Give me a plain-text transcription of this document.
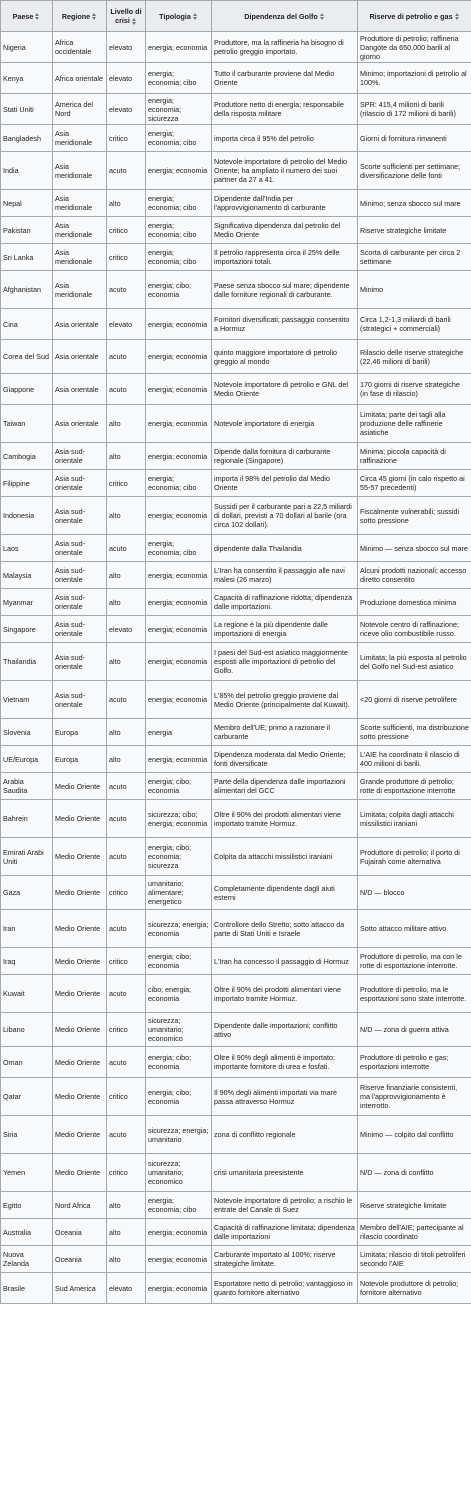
Paese	Regione	Livello di crisi	Tipologia	Dipendenza del Golfo	Riserve di petrolio e gas
Nigeria	Africa occidentale	elevato	energia; economia	Produttore, ma la raffineria ha bisogno di petrolio greggio importato.	Produttore di petrolio; raffineria Dangote da 650.000 barili al giorno
Kenya	Africa orientale	elevato	energia; economia; cibo	Tutto il carburante proviene dal Medio Oriente	Minimo; importazioni di petrolio al 100%.
Stati Uniti	America del Nord	elevato	energia; economia; sicurezza	Produttore netto di energia; responsabile della risposta militare	SPR: 415,4 milioni di barili (rilascio di 172 milioni di barili)
Bangladesh	Asia meridionale	critico	energia; economia; cibo	importa circa il 95% del petrolio	Giorni di fornitura rimanenti
India	Asia meridionale	acuto	energia; economia	Notevole importatore di petrolio del Medio Oriente; ha ampliato il numero dei suoi partner da 27 a 41.	Scorte sufficienti per settimane; diversificazione delle fonti
Nepal	Asia meridionale	alto	energia; economia; cibo	Dipendente dall'India per l'approvvigionamento di carburante	Minimo; senza sbocco sul mare
Pakistan	Asia meridionale	critico	energia; economia; cibo	Significativa dipendenza dal petrolio del Medio Oriente	Riserve strategiche limitate
Sri Lanka	Asia meridionale	critico	energia; economia; cibo	Il petrolio rappresenta circa il 25% delle importazioni totali.	Scorta di carburante per circa 2 settimane
Afghanistan	Asia meridionale	acuto	energia; cibo; economia	Paese senza sbocco sul mare; dipendente dalle forniture regionali di carburante.	Minimo
Cina	Asia orientale	elevato	energia; economia	Fornitori diversificati; passaggio consentito a Hormuz	Circa 1,2-1,3 miliardi di barili (strategici + commerciali)
Corea del Sud	Asia orientale	acuto	energia; economia	quinto maggiore importatore di petrolio greggio al mondo	Rilascio delle riserve strategiche (22,46 milioni di barili)
Giappone	Asia orientale	acuto	energia; economia	Notevole importatore di petrolio e GNL del Medio Oriente	170 giorni di riserve strategiche (in fase di rilascio)
Taiwan	Asia orientale	alto	energia; economia	Notevole importatore di energia	Limitata; parte dei tagli alla produzione delle raffinerie asiatiche
Cambogia	Asia sud-orientale	alto	energia; economia	Dipende dalla fornitura di carburante regionale (Singapore)	Minima; piccola capacità di raffinazione
Filippine	Asia sud-orientale	critico	energia; economia; cibo	importa il 98% del petrolio dal Medio Oriente	Circa 45 giorni (in calo rispetto ai 55-57 precedenti)
Indonesia	Asia sud-orientale	alto	energia; economia	Sussidi per il carburante pari a 22,5 miliardi di dollari, previsti a 70 dollari al barile (ora circa 102 dollari).	Fiscalmente vulnerabili; sussidi sotto pressione
Laos	Asia sud-orientale	acuto	energia; economia; cibo	dipendente dalla Thailandia	Minimo — senza sbocco sul mare
Malaysia	Asia sud-orientale	alto	energia; economia	L'Iran ha consentito il passaggio alle navi malesi (26 marzo)	Alcuni prodotti nazionali; accesso diretto consentito
Myanmar	Asia sud-orientale	alto	energia; economia	Capacità di raffinazione ridotta; dipendenza dalle importazioni.	Produzione domestica minima
Singapore	Asia sud-orientale	elevato	energia; economia	La regione è la più dipendente dalle importazioni di energia	Notevole centro di raffinazione; riceve olio combustibile russo.
Thailandia	Asia sud-orientale	alto	energia; economia	I paesi del Sud-est asiatico maggiormente esposti alle importazioni di petrolio del Golfo.	Limitata; la più esposta al petrolio del Golfo nel Sud-est asiatico
Vietnam	Asia sud-orientale	acuto	energia; economia	L'85% del petrolio greggio proviene dal Medio Oriente (principalmente dal Kuwait).	<20 giorni di riserve petrolifere
Slovenia	Europa	alto	energia	Membro dell'UE; primo a razionare il carburante	Scorte sufficienti, ma distribuzione sotto pressione
UE/Europa	Europa	alto	energia; economia	Dipendenza moderata dal Medio Oriente; fonti diversificate	L'AIE ha coordinato il rilascio di 400 milioni di barili.
Arabia Saudita	Medio Oriente	acuto	energia; cibo; economia	Parte della dipendenza dalle importazioni alimentari del GCC	Grande produttore di petrolio; rotte di esportazione interrotte
Bahrein	Medio Oriente	acuto	sicurezza; cibo; energia; economia	Oltre il 90% dei prodotti alimentari viene importato tramite Hormuz.	Limitata; colpita dagli attacchi missilistici iraniani
Emirati Arabi Uniti	Medio Oriente	acuto	energia; cibo; economia; sicurezza	Colpita da attacchi missilistici iraniani	Produttore di petrolio; il porto di Fujairah come alternativa
Gaza	Medio Oriente	critico	umanitario; alimentare; energetico	Completamente dipendente dagli aiuti esterni	N/D — blocco
Iran	Medio Oriente	acuto	sicurezza; energia; economia	Controllore dello Stretto; sotto attacco da parte di Stati Uniti e Israele	Sotto attacco militare attivo
Iraq	Medio Oriente	critico	energia; cibo; economia	L'Iran ha concesso il passaggio di Hormuz	Produttore di petrolio, ma con le rotte di esportazione interrotte.
Kuwait	Medio Oriente	acuto	cibo; energia; economia	Oltre il 90% dei prodotti alimentari viene importato tramite Hormuz.	Produttore di petrolio, ma le esportazioni sono state interrotte.
Libano	Medio Oriente	critico	sicurezza; umanitario; economico	Dipendente dalle importazioni; conflitto attivo	N/D — zona di guerra attiva
Oman	Medio Oriente	acuto	energia; cibo; economia	Oltre il 90% degli alimenti è importato; importante fornitore di urea e fosfati.	Produttore di petrolio e gas; esportazioni interrotte
Qatar	Medio Oriente	critico	energia; cibo; economia	Il 90% degli alimenti importati via mare passa attraverso Hormuz	Riserve finanziarie consistenti, ma l'approvvigionamento è interrotto.
Siria	Medio Oriente	acuto	sicurezza; energia; umanitario	zona di conflitto regionale	Minimo — colpito dal conflitto
Yemen	Medio Oriente	critico	sicurezza; umanitario; economico	crisi umanitaria preesistente	N/D — zona di conflitto
Egitto	Nord Africa	alto	energia; economia; cibo	Notevole importatore di petrolio; a rischio le entrate del Canale di Suez	Riserve strategiche limitate
Australia	Oceania	alto	energia; economia	Capacità di raffinazione limitata; dipendenza dalle importazioni	Membro dell'AIE; partecipante al rilascio coordinato
Nuova Zelanda	Oceania	alto	energia; economia	Carburante importato al 100%; riserve strategiche limitate.	Limitata; rilascio di titoli petroliferi secondo l'AIE
Brasile	Sud America	elevato	energia; economia	Esportatore netto di petrolio; vantaggioso in quanto fornitore alternativo	Notevole produttore di petrolio; fornitore alternativo
